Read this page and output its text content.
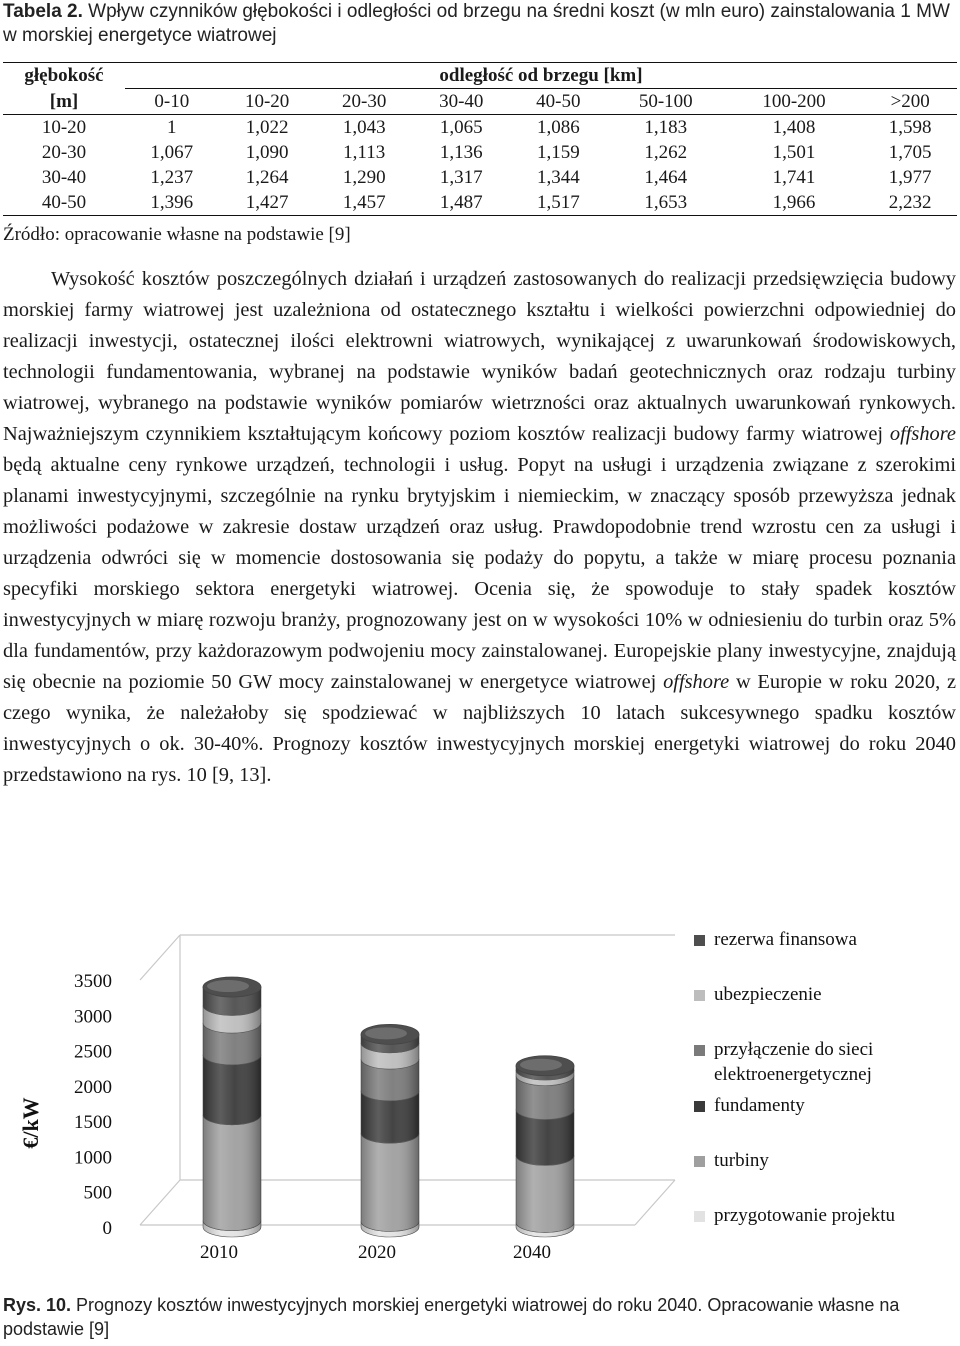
Tabela 2. Wpływ czynników głębokości i odległości od brzegu na średni koszt (w mln euro) zainstalowania 1 MW w morskiej energetyce wiatrowej
głębokość	odległość od brzegu [km]							
[m]	0-10	10-20	20-30	30-40	40-50	50-100	100-200	>200
10-20	1	1,022	1,043	1,065	1,086	1,183	1,408	1,598
20-30	1,067	1,090	1,113	1,136	1,159	1,262	1,501	1,705
30-40	1,237	1,264	1,290	1,317	1,344	1,464	1,741	1,977
40-50	1,396	1,427	1,457	1,487	1,517	1,653	1,966	2,232
Źródło: opracowanie własne na podstawie [9]

Wysokość kosztów poszczególnych działań i urządzeń zastosowanych do realizacji przedsięwzięcia budowy morskiej farmy wiatrowej jest uzależniona od ostatecznego kształtu i wielkości powierzchni odpowiedniej do realizacji inwestycji, ostatecznej ilości elektrowni wiatrowych, wynikającej z uwarunkowań środowiskowych, technologii fundamentowania, wybranej na podstawie wyników badań geotechnicznych oraz rodzaju turbiny wiatrowej, wybranego na podstawie wyników pomiarów wietrzności oraz aktualnych uwarunkowań rynkowych. Najważniejszym czynnikiem kształtującym końcowy poziom kosztów realizacji budowy farmy wiatrowej offshore będą aktualne ceny rynkowe urządzeń, technologii i usług. Popyt na usługi i urządzenia związane z szerokimi planami inwestycyjnymi, szczególnie na rynku brytyjskim i niemieckim, w znaczący sposób przewyższa jednak możliwości podażowe w zakresie dostaw urządzeń oraz usług. Prawdopodobnie trend wzrostu cen za usługi i urządzenia odwróci się w momencie dostosowania się podaży do popytu, a także w miarę procesu poznania specyfiki morskiego sektora energetyki wiatrowej. Ocenia się, że spowoduje to stały spadek kosztów inwestycyjnych w miarę rozwoju branży, prognozowany jest on w wysokości 10% w odniesieniu do turbin oraz 5% dla fundamentów, przy każdorazowym podwojeniu mocy zainstalowanej. Europejskie plany inwestycyjne, znajdują się obecnie na poziomie 50 GW mocy zainstalowanej w energetyce wiatrowej offshore w Europie w roku 2020, z czego wynika, że należałoby się spodziewać w najbliższych 10 latach sukcesywnego spadku kosztów inwestycyjnych o ok. 30-40%. Prognozy kosztów inwestycyjnych morskiej energetyki wiatrowej do roku 2040 przedstawiono na rys. 10 [9, 13].

0
500
1000
1500
2000
2500
3000
3500
2010	2020	2040
€/kW
rezerwa finansowa
ubezpieczenie
przyłączenie do sieci
elektroenergetycznej
fundamenty
turbiny
przygotowanie projektu
Rys. 10. Prognozy kosztów inwestycyjnych morskiej energetyki wiatrowej do roku 2040. Opracowanie własne na podstawie [9]
